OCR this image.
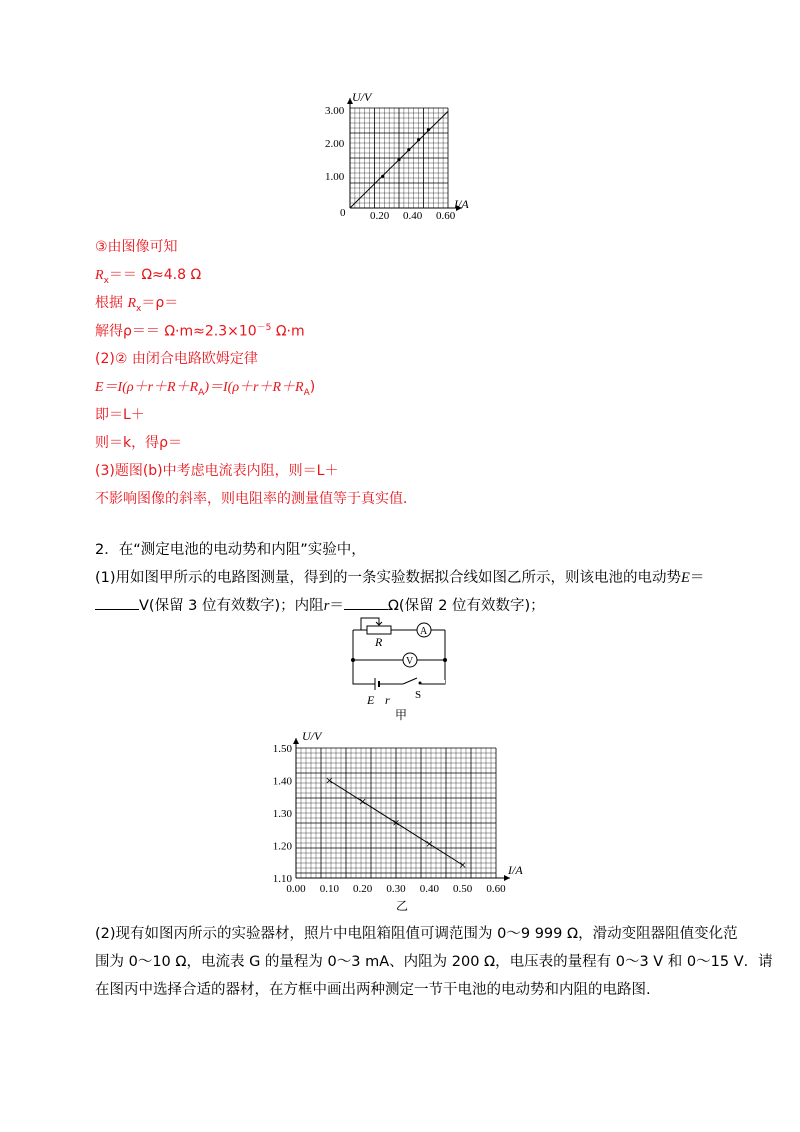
U/V
I/A
0
3.00
2.00
1.00
0.20 0.40 0.60
③由图像可知
$R_x== \Omega\approx 4.8$ Ω
根据 $R_x=\rho=$
解得$\rho== \Omega\cdot m\approx 2.3\times 10^{-5}$ Ω·m
(2)② 由闭合电路欧姆定律
$E=I(\rho+r+R+R_A)=I(\rho+r+R+R_A)$
即＝L＋
则＝k，得ρ＝
(3)题图(b)中考虑电流表内阻，则＝L＋
不影响图像的斜率，则电阻率的测量值等于真实值．
2．在“测定电池的电动势和内阻”实验中，
(1)用如图甲所示的电路图测量，得到的一条实验数据拟合线如图乙所示，则该电池的电动势E＝
V(保留 3 位有效数字)；内阻r＝	Ω(保留 2 位有效数字)；
R
A
V
E r S
甲
U/V
I/A
乙
0.00 0.10 0.20 0.30 0.40 0.50 0.60
1.10
1.20
1.30
1.40
1.50
(2)现有如图丙所示的实验器材，照片中电阻箱阻值可调范围为 0～9 999 Ω，滑动变阻器阻值变化范
围为 0～10 Ω，电流表 G 的量程为 0～3 mA、内阻为 200 Ω，电压表的量程有 0～3 V 和 0～15 V．请
在图丙中选择合适的器材，在方框中画出两种测定一节干电池的电动势和内阻的电路图.
